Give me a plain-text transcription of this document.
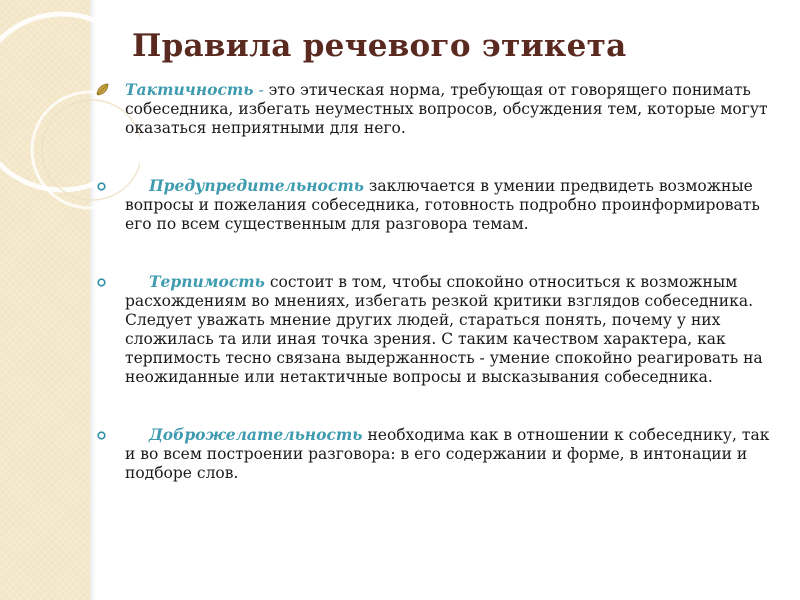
Правила речевого этикета

Тактичность - это этическая норма, требующая от говорящего понимать собеседника, избегать неуместных вопросов, обсуждения тем, которые могут оказаться неприятными для него.

Предупредительность заключается в умении предвидеть возможные вопросы и пожелания собеседника, готовность подробно проинформировать его по всем существенным для разговора темам.

Терпимость состоит в том, чтобы спокойно относиться к возможным расхождениям во мнениях, избегать резкой критики взглядов собеседника. Следует уважать мнение других людей, стараться понять, почему у них сложилась та или иная точка зрения. С таким качеством характера, как терпимость тесно связана выдержанность - умение спокойно реагировать на неожиданные или нетактичные вопросы и высказывания собеседника.

Доброжелательность необходима как в отношении к собеседнику, так и во всем построении разговора: в его содержании и форме, в интонации и подборе слов.
